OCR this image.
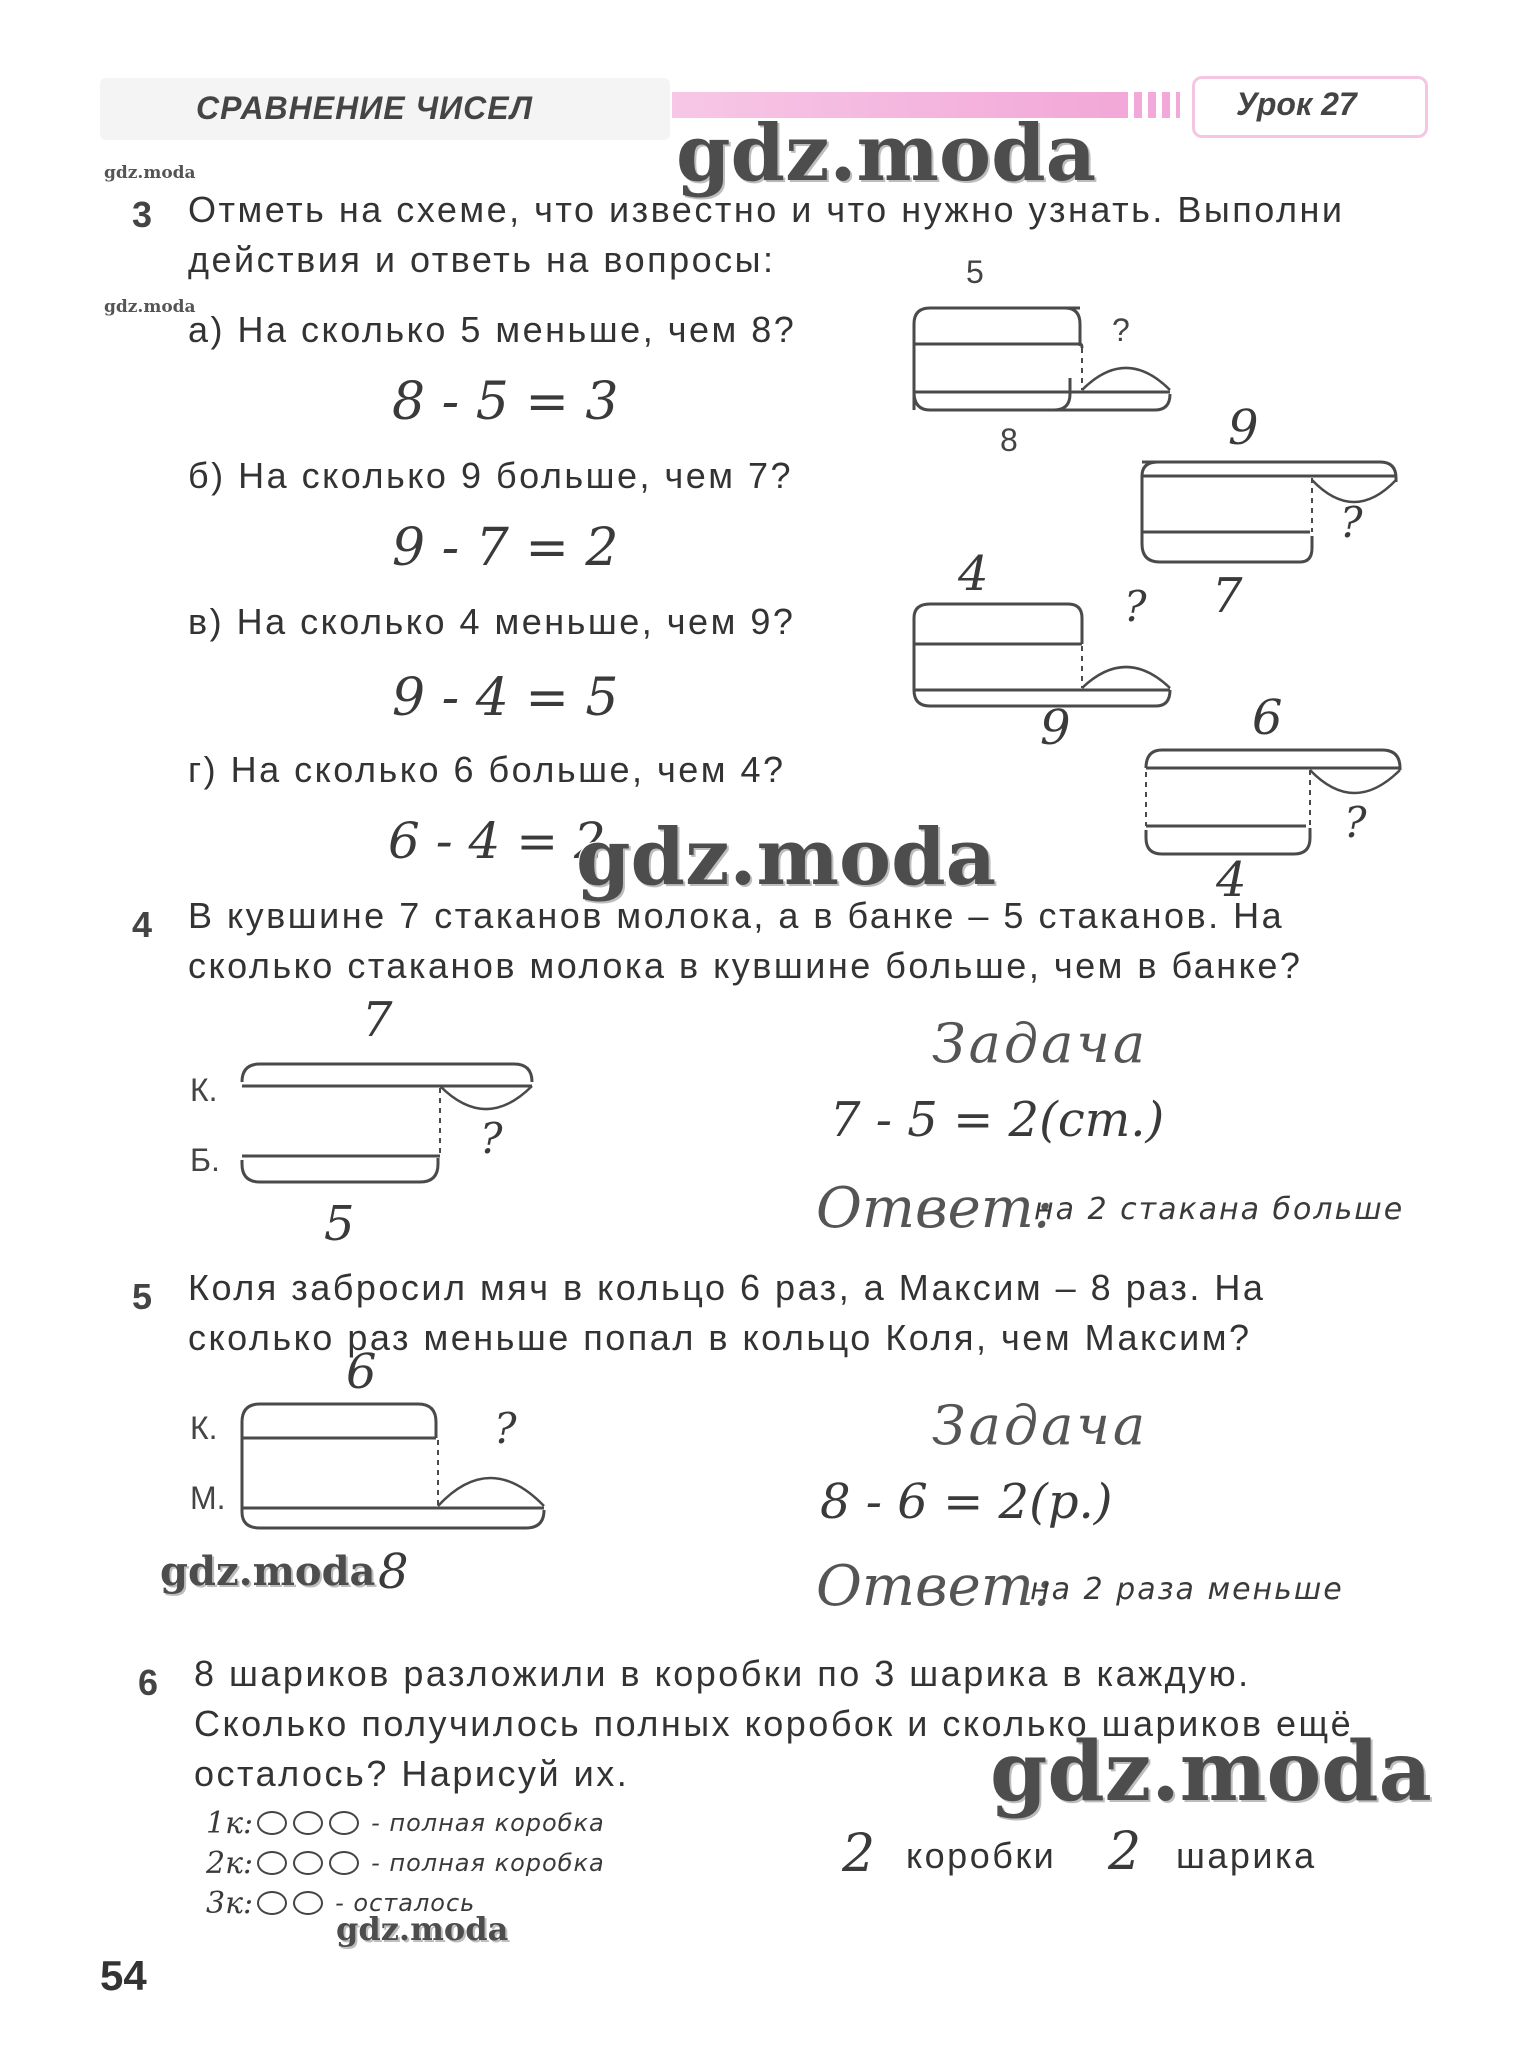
СРАВНЕНИЕ ЧИСЕЛ	Урок 27
gdz.moda
gdz.moda
gdz.moda
3 Отметь на схеме, что известно и что нужно узнать. Выполни
действия и ответь на вопросы:
а) На сколько 5 меньше, чем 8?
8 - 5 = 3
б) На сколько 9 больше, чем 7?
9 - 7 = 2
в) На сколько 4 меньше, чем 9?
9 - 4 = 5
г) На сколько 6 больше, чем 4?
6 - 4 = 2
gdz.moda
5
8
?
9
7
?
4
9
?
6
4
?
4 В кувшине 7 стаканов молока, а в банке – 5 стаканов. На
сколько стаканов молока в кувшине больше, чем в банке?
К.
Б.
7
5
?
Задача
7 - 5 = 2(ст.)
Ответ:
на 2 стакана больше
5 Коля забросил мяч в кольцо 6 раз, а Максим – 8 раз. На
сколько раз меньше попал в кольцо Коля, чем Максим?
К.
М.
6
8
?
gdz.moda
Задача
8 - 6 = 2(р.)
Ответ:
на 2 раза меньше
6 8 шариков разложили в коробки по 3 шарика в каждую.
Сколько получилось полных коробок и сколько шариков ещё
осталось? Нарисуй их.	gdz.moda
1к:	- полная коробка
2к:	- полная коробка
3к:	- осталось
2 коробки 2 шарика
gdz.moda
54
